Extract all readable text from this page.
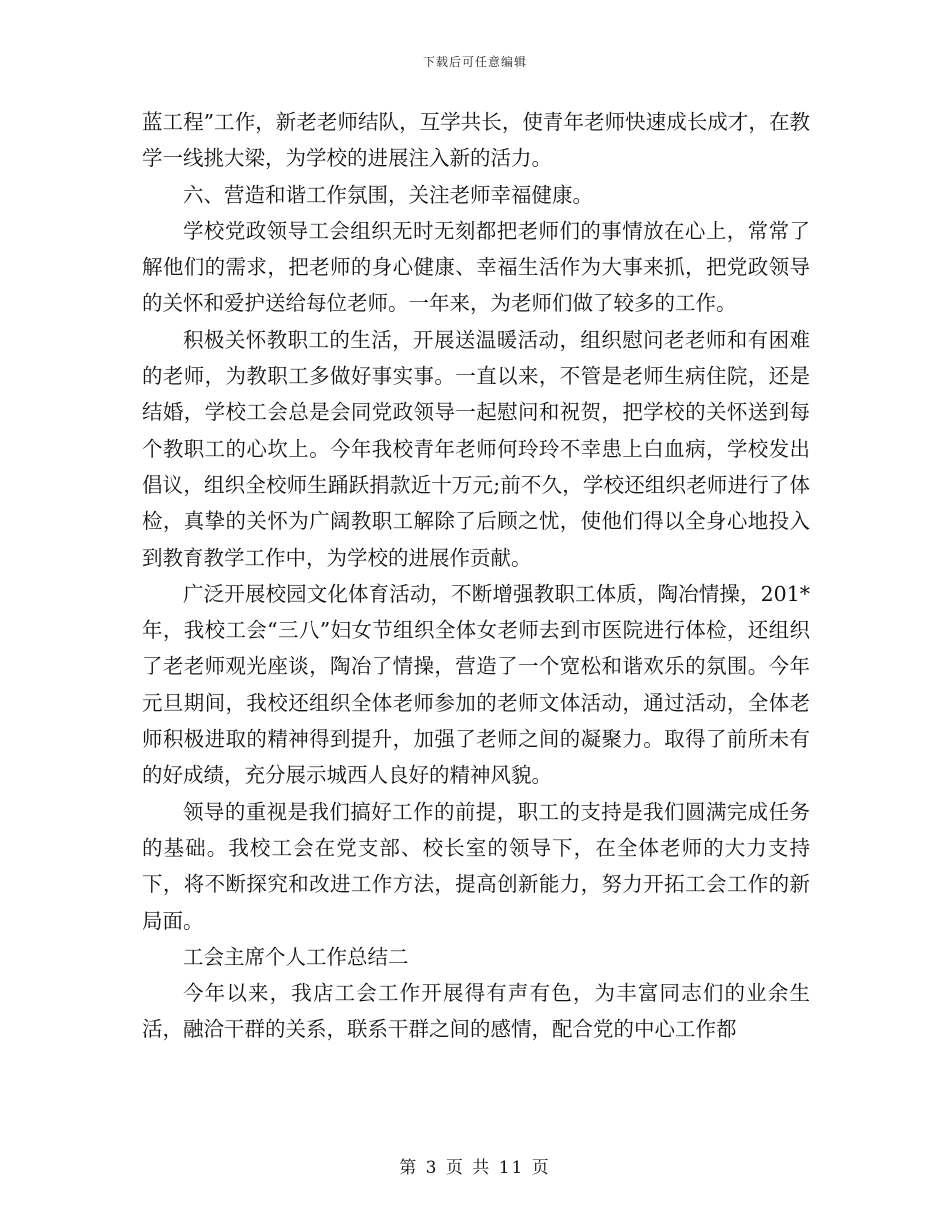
下载后可任意编辑

蓝工程”工作，新老老师结队，互学共长，使青年老师快速成长成才，在教学一线挑大梁，为学校的进展注入新的活力。

六、营造和谐工作氛围，关注老师幸福健康。

学校党政领导工会组织无时无刻都把老师们的事情放在心上，常常了解他们的需求，把老师的身心健康、幸福生活作为大事来抓，把党政领导的关怀和爱护送给每位老师。一年来，为老师们做了较多的工作。

积极关怀教职工的生活，开展送温暖活动，组织慰问老老师和有困难的老师，为教职工多做好事实事。一直以来，不管是老师生病住院，还是结婚，学校工会总是会同党政领导一起慰问和祝贺，把学校的关怀送到每个教职工的心坎上。今年我校青年老师何玲玲不幸患上白血病，学校发出倡议，组织全校师生踊跃捐款近十万元;前不久，学校还组织老师进行了体检，真挚的关怀为广阔教职工解除了后顾之忧，使他们得以全身心地投入到教育教学工作中，为学校的进展作贡献。

广泛开展校园文化体育活动，不断增强教职工体质，陶冶情操，201*年，我校工会“三八”妇女节组织全体女老师去到市医院进行体检，还组织了老老师观光座谈，陶冶了情操，营造了一个宽松和谐欢乐的氛围。今年元旦期间，我校还组织全体老师参加的老师文体活动，通过活动，全体老师积极进取的精神得到提升，加强了老师之间的凝聚力。取得了前所未有的好成绩，充分展示城西人良好的精神风貌。

领导的重视是我们搞好工作的前提，职工的支持是我们圆满完成任务的基础。我校工会在党支部、校长室的领导下，在全体老师的大力支持下，将不断探究和改进工作方法，提高创新能力，努力开拓工会工作的新局面。

工会主席个人工作总结二

今年以来，我店工会工作开展得有声有色，为丰富同志们的业余生活，融洽干群的关系，联系干群之间的感情，配合党的中心工作都

第 3 页 共 11 页
